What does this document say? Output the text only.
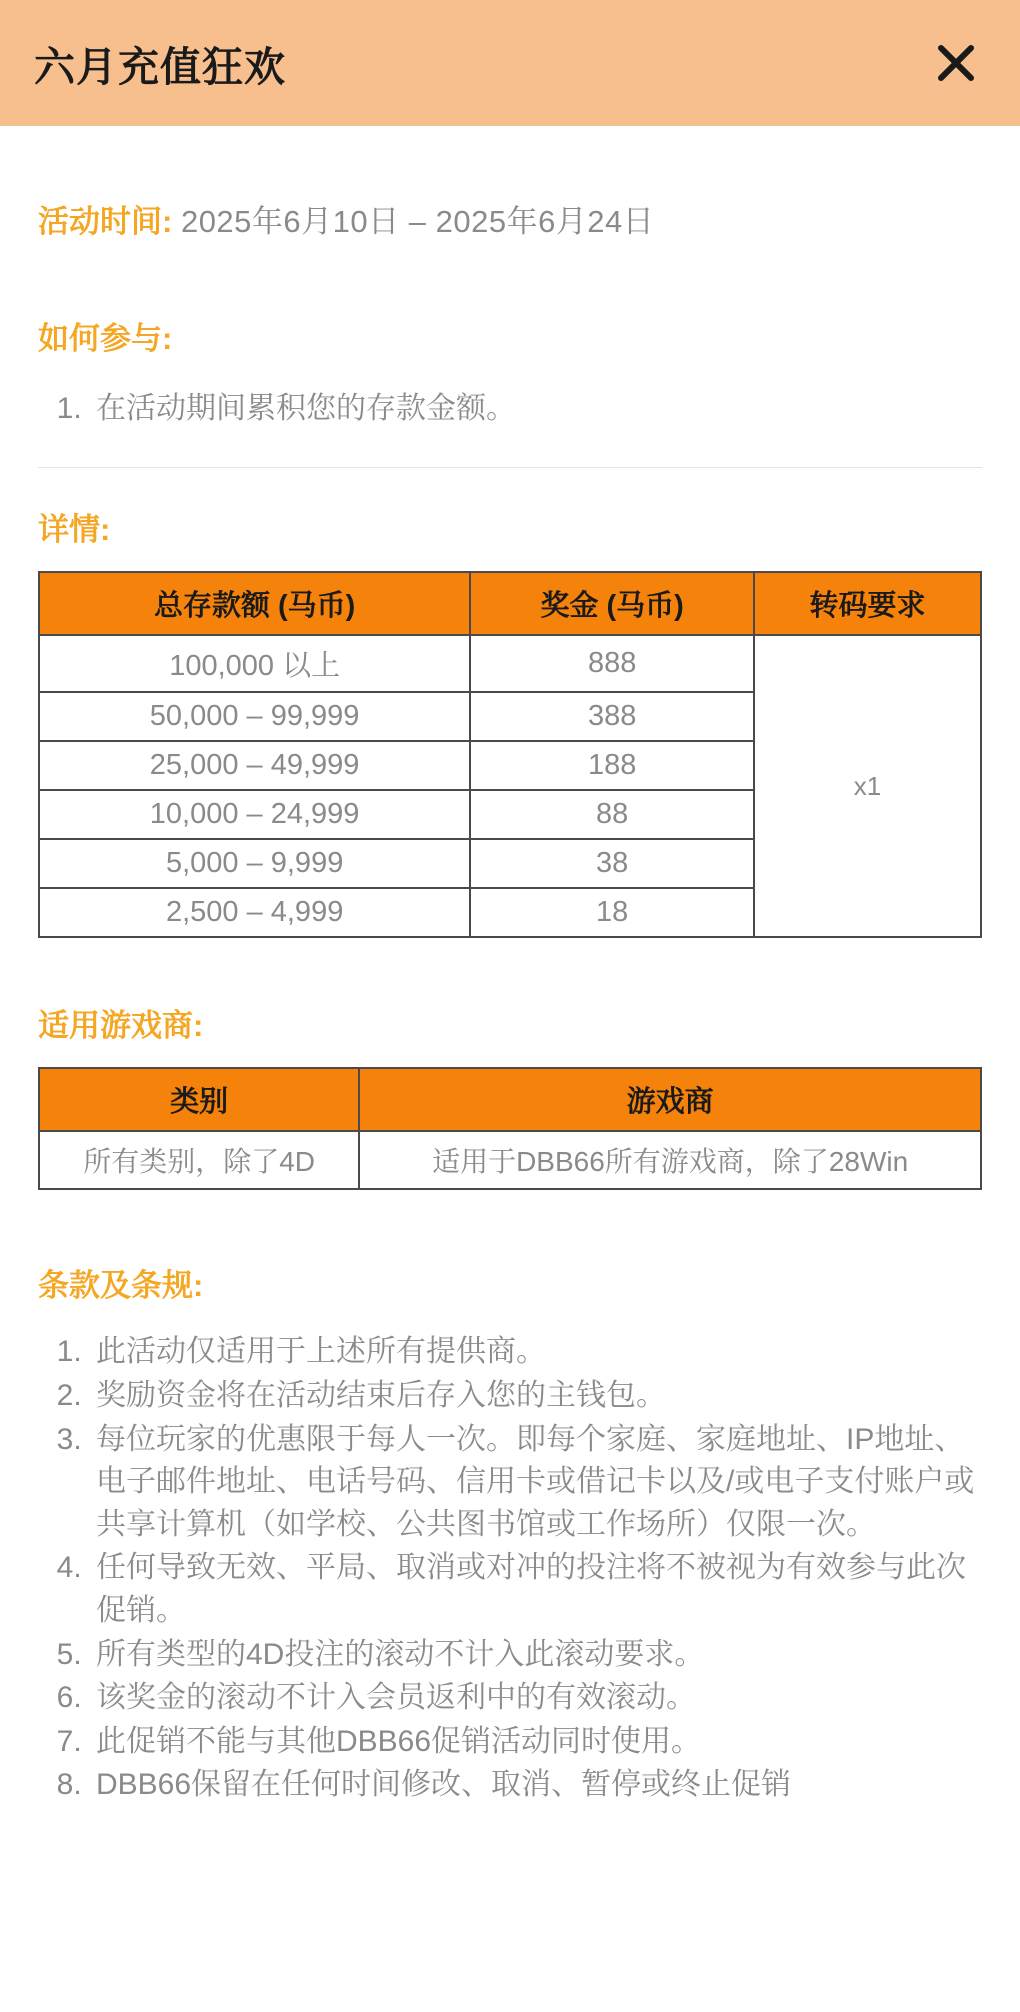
六月充值狂欢
活动时间: 2025年6月10日 – 2025年6月24日
如何参与:
1. 在活动期间累积您的存款金额。
详情:
总存款额 (马币)	奖金 (马币)	转码要求
100,000 以上	888	x1
50,000 – 99,999	388	
25,000 – 49,999	188	
10,000 – 24,999	88	
5,000 – 9,999	38	
2,500 – 4,999	18	
适用游戏商:
类别	游戏商
所有类别，除了4D	适用于DBB66所有游戏商，除了28Win
条款及条规:
1. 此活动仅适用于上述所有提供商。
2. 奖励资金将在活动结束后存入您的主钱包。
3. 每位玩家的优惠限于每人一次。即每个家庭、家庭地址、IP地址、电子邮件地址、电话号码、信用卡或借记卡以及/或电子支付账户或共享计算机（如学校、公共图书馆或工作场所）仅限一次。
4. 任何导致无效、平局、取消或对冲的投注将不被视为有效参与此次促销。
5. 所有类型的4D投注的滚动不计入此滚动要求。
6. 该奖金的滚动不计入会员返利中的有效滚动。
7. 此促销不能与其他DBB66促销活动同时使用。
8. DBB66保留在任何时间修改、取消、暂停或终止促销
